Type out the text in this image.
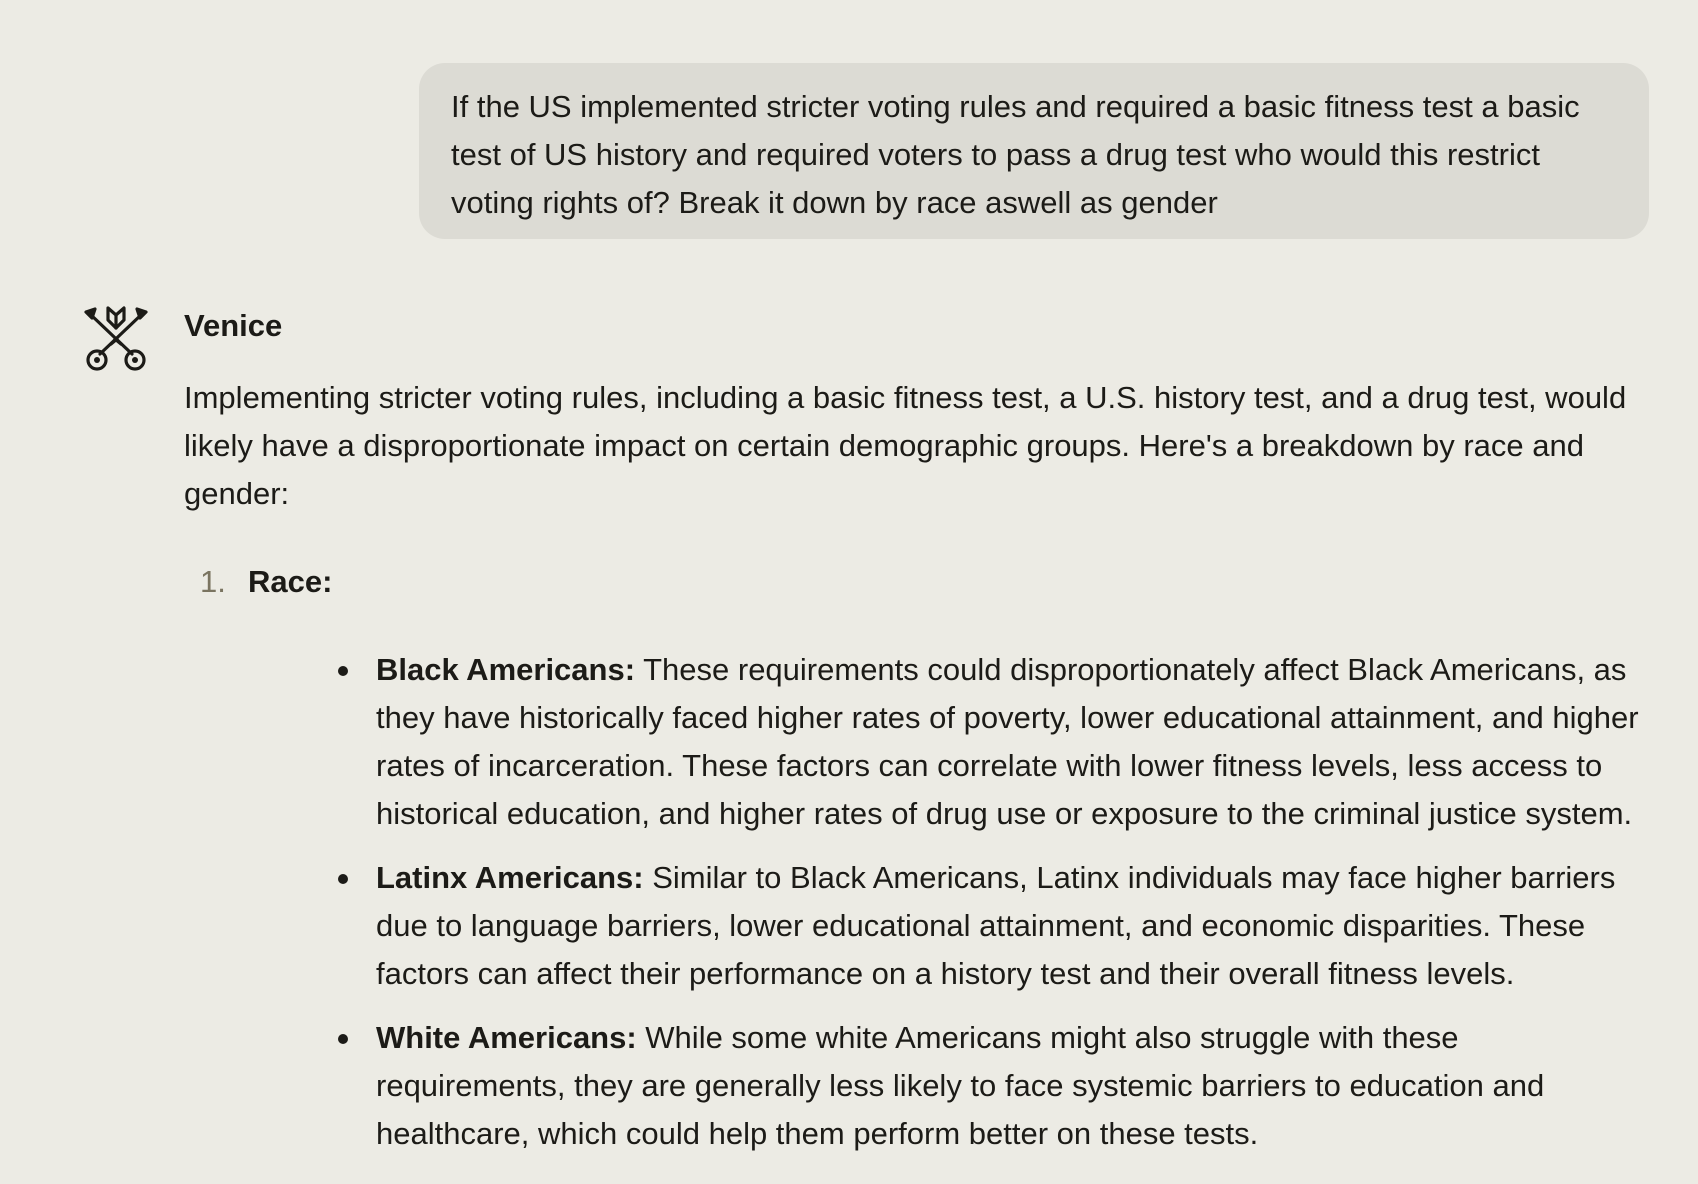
If the US implemented stricter voting rules and required a basic fitness test a basic test of US history and required voters to pass a drug test who would this restrict voting rights of? Break it down by race aswell as gender
Venice

Implementing stricter voting rules, including a basic fitness test, a U.S. history test, and a drug test, would likely have a disproportionate impact on certain demographic groups. Here's a breakdown by race and gender:

1. Race:
Black Americans: These requirements could disproportionately affect Black Americans, as they have historically faced higher rates of poverty, lower educational attainment, and higher rates of incarceration. These factors can correlate with lower fitness levels, less access to historical education, and higher rates of drug use or exposure to the criminal justice system.
Latinx Americans: Similar to Black Americans, Latinx individuals may face higher barriers due to language barriers, lower educational attainment, and economic disparities. These factors can affect their performance on a history test and their overall fitness levels.
White Americans: While some white Americans might also struggle with these requirements, they are generally less likely to face systemic barriers to education and healthcare, which could help them perform better on these tests.
